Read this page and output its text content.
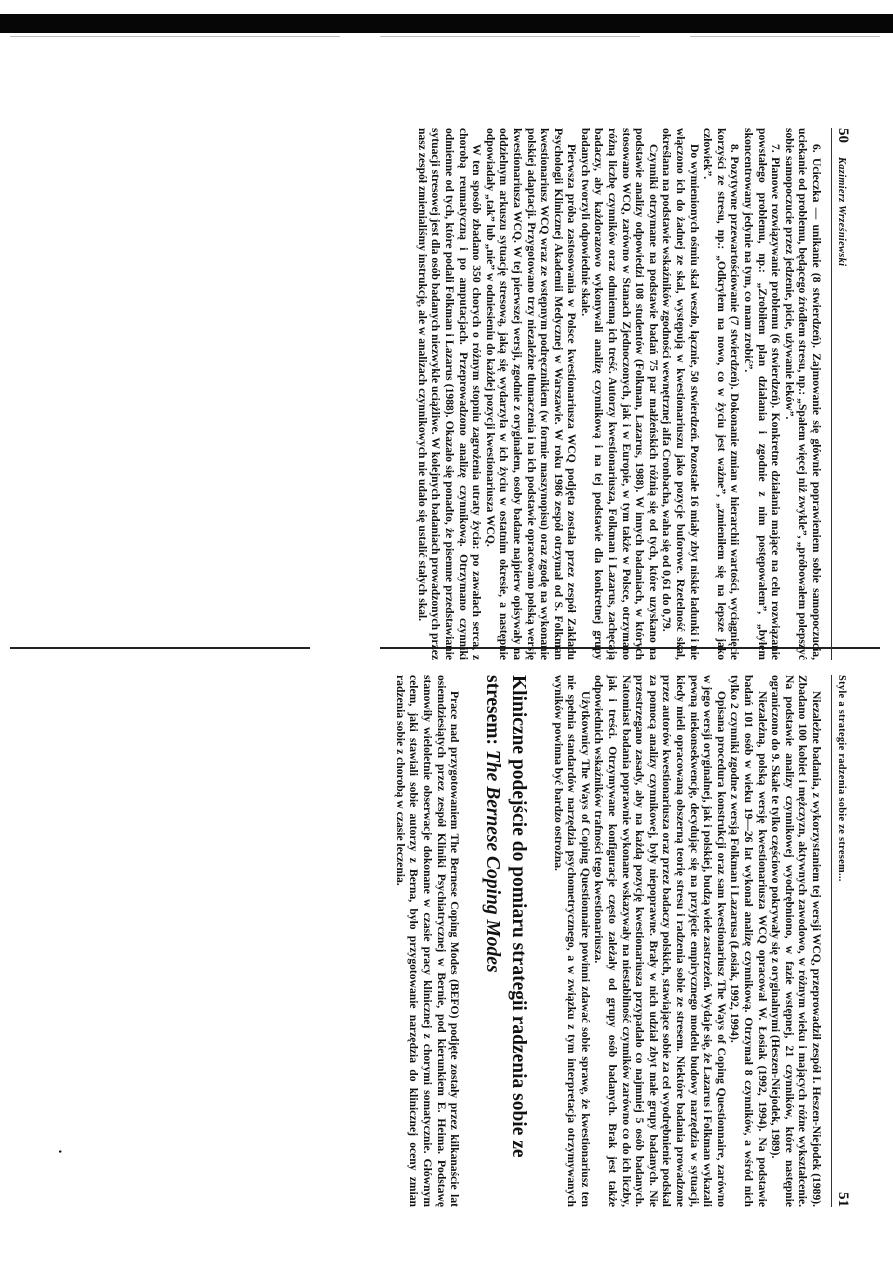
50
Kazimierz Wrześniewski

6. Ucieczka — unikanie (8 stwierdzeń). Zajmowanie się głównie poprawieniem sobie samopoczucia, uciekanie od problemu, będącego źródłem stresu, np.: „Spałem więcej niż zwykle”, „próbowałem polepszyć sobie samopoczucie przez jedzenie, picie, używanie leków”.

7. Planowe rozwiązywanie problemu (6 stwierdzeń). Konkretne działania mające na celu rozwiązanie powstałego problemu, np.: „Zrobiłem plan działania i zgodnie z nim postępowałem”, „byłem skoncentrowany jedynie na tym, co mam zrobić”.

8. Pozytywne przewartościowanie (7 stwierdzeń). Dokonanie zmian w hierarchii wartości, wyciągnięcie korzyści ze stresu, np.: „Odkryłem na nowo, co w życiu jest ważne”, „zmieniłem się na lepsze jako człowiek”.

Do wymienionych ośmiu skal weszło, łącznie, 50 stwierdzeń. Pozostałe 16 miały zbyt niskie ładunki i nie włączono ich do żadnej ze skal, występują w kwestionariuszu jako pozycje buforowe. Rzetelność skal, określana na podstawie wskaźników zgodności wewnętrznej alfa Cronbacha, waha się od 0,61 do 0,79.

Czynniki otrzymane na podstawie badań 75 par małżeńskich różnią się od tych, które uzyskano na podstawie analizy odpowiedzi 108 studentów (Folkman, Lazarus, 1988). W innych badaniach, w których stosowano WCQ, zarówno w Stanach Zjednoczonych, jak i w Europie, w tym także w Polsce, otrzymano różną liczbę czynników oraz odmienną ich treść. Autorzy kwestionariusza, Folkman i Lazarus, zachęcają badaczy, aby każdorazowo wykonywali analizę czynnikową i na tej podstawie dla konkretnej grupy badanych tworzyli odpowiednie skale.

Pierwsza próba zastosowania w Polsce kwestionariusza WCQ podjęta została przez zespół Zakładu Psychologii Klinicznej Akademii Medycznej w Warszawie. W roku 1986 zespół otrzymał od S. Folkman kwestionariusz WCQ wraz ze wstępnym podręcznikiem (w formie maszynopisu) oraz zgodę na wykonanie polskiej adaptacji. Przygotowano trzy niezależne tłumaczenia i na ich podstawie opracowano polską wersję kwestionariusza WCQ. W tej pierwszej wersji, zgodnie z oryginałem, osoby badane najpierw opisywały na oddzielnym arkuszu sytuację stresową, jaką się wydarzyła w ich życiu w ostatnim okresie, a następnie odpowiadały „tak” lub „nie” w odniesieniu do każdej pozycji kwestionariusza WCQ.

W ten sposób zbadano 350 chorych o różnym stopniu zagrożenia utraty życia: po zawałach serca, z chorobą reumatyczną i po amputacjach. Przeprowadzono analizę czynnikową. Otrzymano czynniki odmienne od tych, które podali Folkman i Lazarus (1988). Okazało się ponadto, że pisemne przedstawianie sytuacji stresowej jest dla osób badanych niezwykle uciążliwe. W kolejnych badaniach prowadzonych przez nasz zespół zmienialiśmy instrukcję, ale w analizach czynnikowych nie udało się ustalić stałych skal.

Style a strategie radzenia sobie ze stresem...
51

Niezależne badania, z wykorzystaniem tej wersji WCQ, przeprowadził zespół I. Heszen-Niejodek (1989). Zbadano 100 kobiet i mężczyzn, aktywnych zawodowo, w różnym wieku i mających różne wykształcenie. Na podstawie analizy czynnikowej wyodrębniono, w fazie wstępnej, 21 czynników, które następnie ograniczono do 9. Skale te tylko częściowo pokrywały się z oryginalnymi (Heszen-Niejodek, 1989).

Niezależną, polską wersję kwestionariusza WCQ opracował W. Łosiak (1992, 1994). Na podstawie badań 101 osób w wieku 19—26 lat wykonał analizę czynnikową. Otrzymał 8 czynników, a wśród nich tylko 2 czynniki zgodne z wersją Folkman i Lazarusa (Łosiak, 1992, 1994).

Opisana procedura konstrukcji oraz sam kwestionariusz The Ways of Coping Questionnaire, zarówno w jego wersji oryginalnej, jak i polskiej, budzą wiele zastrzeżeń. Wydaje się, że Lazarus i Folkman wykazali pewną niekonsekwencję, decydując się na przyjęcie empirycznego modelu budowy narzędzia w sytuacji, kiedy mieli opracowaną obszerną teorię stresu i radzenia sobie ze stresem. Niektóre badania prowadzone przez autorów kwestionariusza oraz przez badaczy polskich, stawiające sobie za cel wyodrębnienie podskal za pomocą analizy czynnikowej, były niepoprawne. Brały w nich udział zbyt małe grupy badanych. Nie przestrzegano zasady, aby na każdą pozycję kwestionariusza przypadało co najmniej 5 osób badanych. Natomiast badania poprawnie wykonane wskazywały na niestabilność czynników zarówno co do ich liczby, jak i treści. Otrzymywane konfiguracje często zależały od grupy osób badanych. Brak jest także odpowiednich wskaźników trafności tego kwestionariusza.

Użytkownicy The Ways of Coping Questionnaire powinni zdawać sobie sprawę, że kwestionariusz ten nie spełnia standardów narzędzia psychometrycznego, a w związku z tym interpretacja otrzymywanych wyników powinna być bardzo ostrożna.

Kliniczne podejście do pomiaru strategii radzenia sobie ze stresem: The Bernese Coping Modes

Prace nad przygotowaniem The Bernese Coping Modes (BEFO) podjęte zostały przez kilkanaście lat osiemdziesiątych przez zespół Kliniki Psychiatrycznej w Bernie, pod kierunkiem E. Heima. Podstawę stanowiły wieloletnie obserwacje dokonane w czasie pracy klinicznej z chorymi somatycznie. Głównym celem, jaki stawiali sobie autorzy z Berna, było przygotowanie narzędzia do klinicznej oceny zmian radzenia sobie z chorobą w czasie leczenia.

•
